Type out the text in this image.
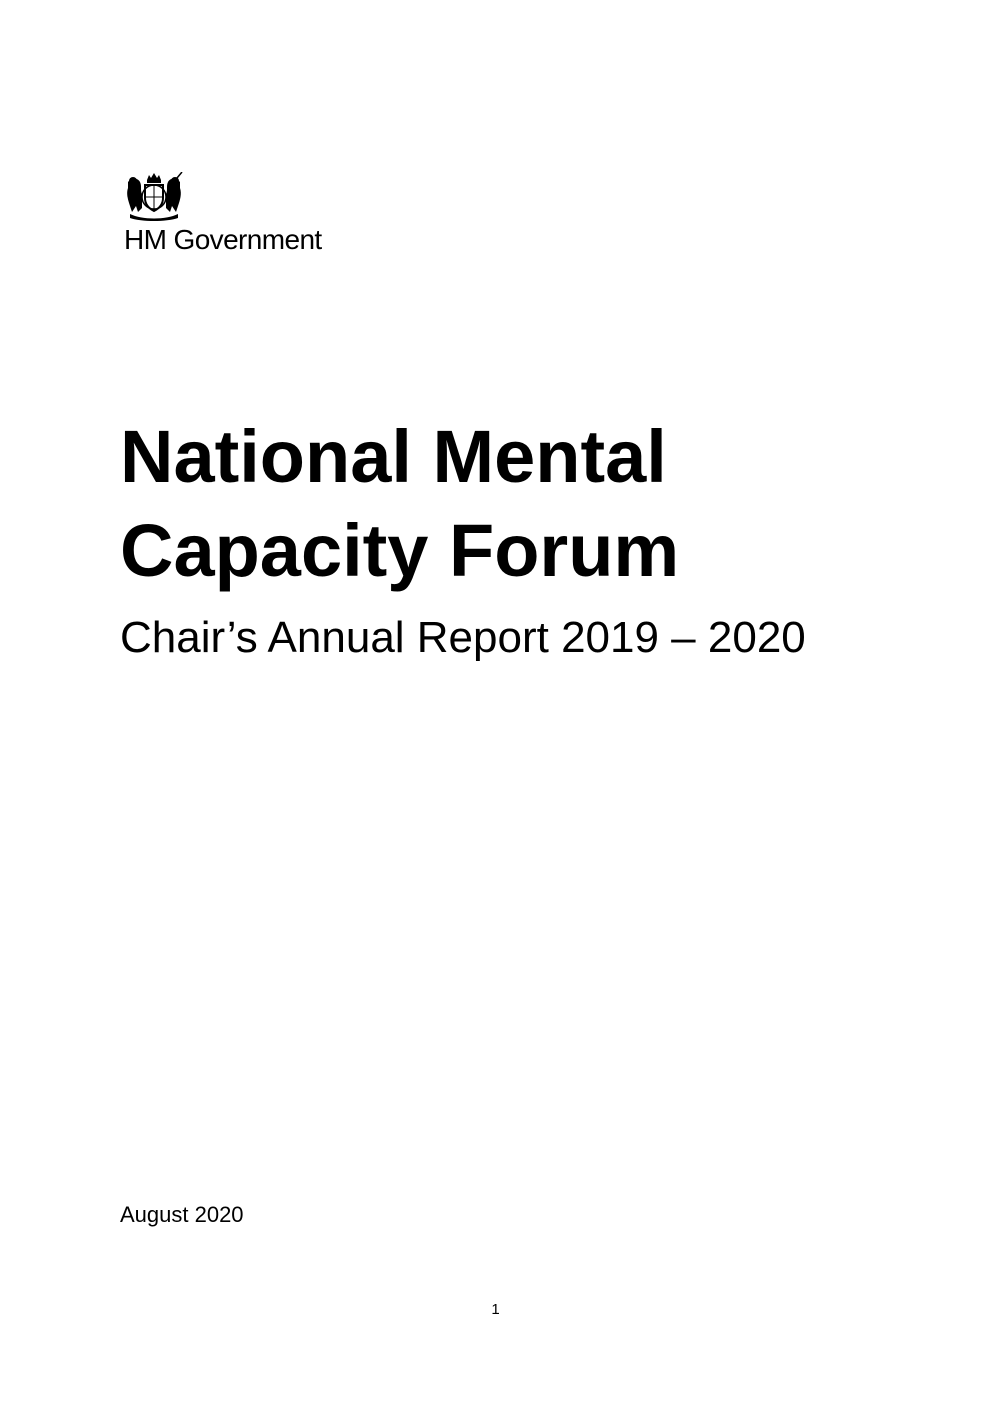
HM Government
National Mental
Capacity Forum
Chair’s Annual Report 2019 – 2020
August 2020
1
